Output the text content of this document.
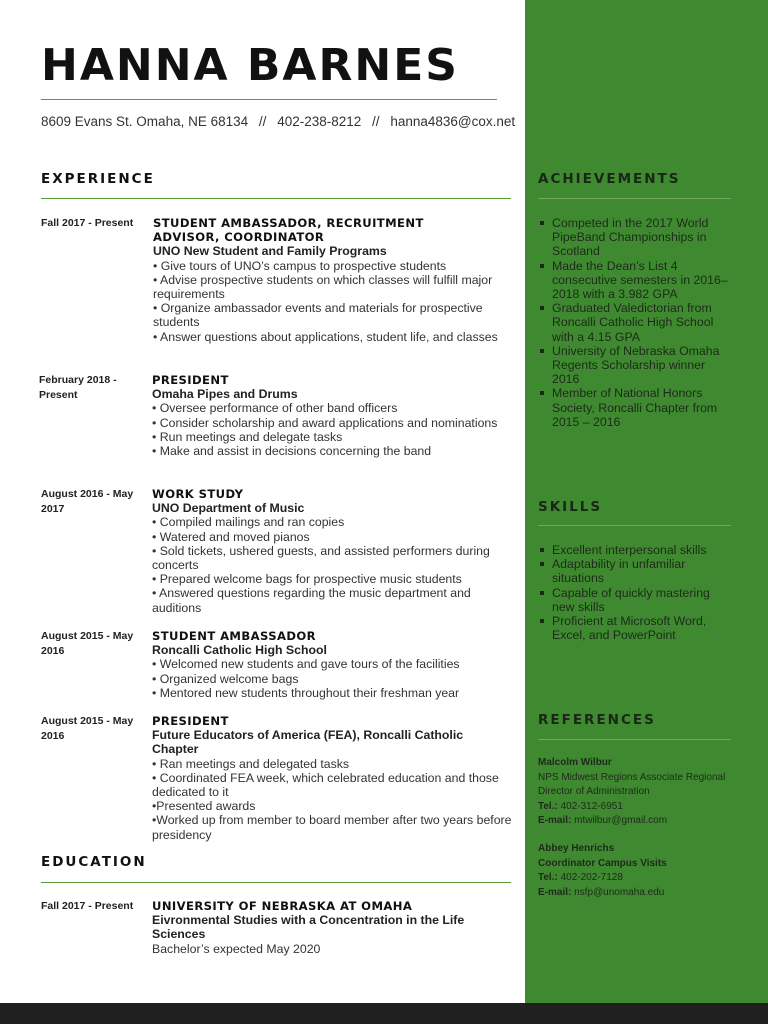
HANNA BARNES
8609 Evans St. Omaha, NE 68134 // 402-238-8212 // hanna4836@cox.net
EXPERIENCE
Fall 2017 - Present	STUDENT AMBASSADOR, RECRUITMENT ADVISOR, COORDINATOR
UNO New Student and Family Programs
• Give tours of UNO’s campus to prospective students
• Advise prospective students on which classes will fulfill major requirements
• Organize ambassador events and materials for prospective students
• Answer questions about applications, student life, and classes
February 2018 - Present
PRESIDENT
Omaha Pipes and Drums
• Oversee performance of other band officers
• Consider scholarship and award applications and nominations
• Run meetings and delegate tasks
• Make and assist in decisions concerning the band
August 2016 - May 2017
WORK STUDY
UNO Department of Music
• Compiled mailings and ran copies
• Watered and moved pianos
• Sold tickets, ushered guests, and assisted performers during concerts
• Prepared welcome bags for prospective music students
• Answered questions regarding the music department and auditions
August 2015 - May 2016
STUDENT AMBASSADOR
Roncalli Catholic High School
• Welcomed new students and gave tours of the facilities
• Organized welcome bags
• Mentored new students throughout their freshman year
August 2015 - May 2016
PRESIDENT
Future Educators of America (FEA), Roncalli Catholic Chapter
• Ran meetings and delegated tasks
• Coordinated FEA week, which celebrated education and those dedicated to it
•Presented awards
•Worked up from member to board member after two years before presidency
EDUCATION
Fall 2017 - Present	UNIVERSITY OF NEBRASKA AT OMAHA
Eivronmental Studies with a Concentration in the Life Sciences
Bachelor’s expected May 2020
ACHIEVEMENTS
Competed in the 2017 World PipeBand Championships in Scotland
Made the Dean’s List 4 consecutive semesters in 2016–2018 with a 3.982 GPA
Graduated Valedictorian from Roncalli Catholic High School with a 4.15 GPA
University of Nebraska Omaha Regents Scholarship winner 2016
Member of National Honors Society, Roncalli Chapter from 2015 – 2016
SKILLS
Excellent interpersonal skills
Adaptability in unfamiliar situations
Capable of quickly mastering new skills
Proficient at Microsoft Word, Excel, and PowerPoint
REFERENCES
Malcolm Wilbur
NPS Midwest Regions Associate Regional Director of Administration
Tel.: 402-312-6951
E-mail: mtwilbur@gmail.com
Abbey Henrichs
Coordinator Campus Visits
Tel.: 402-202-7128
E-mail: nsfp@unomaha.edu
